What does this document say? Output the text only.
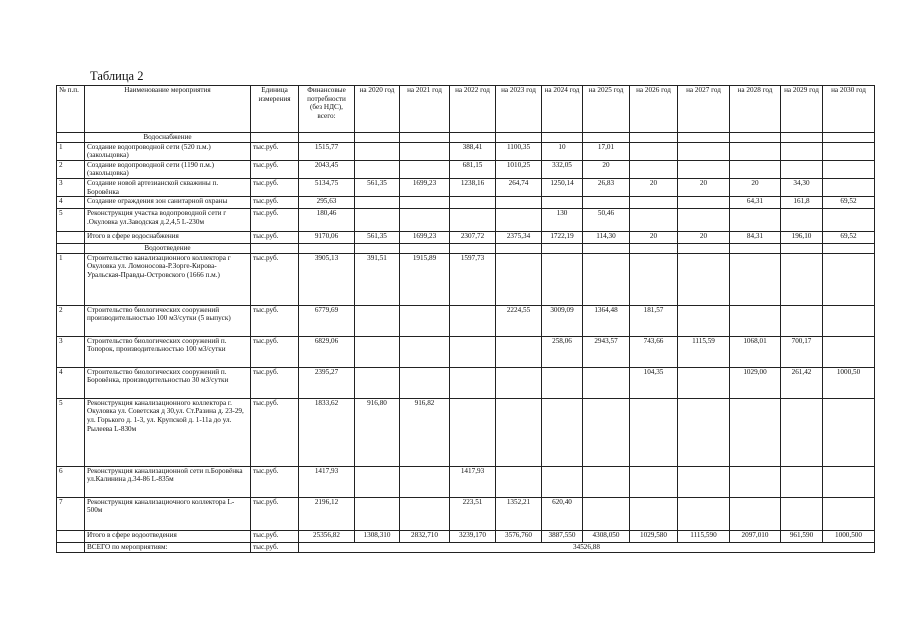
Таблица 2
№ п.п.	Наименование мероприятия	Единица измерения	Финансовые потребности (без НДС), всего:	на 2020 год	на 2021 год	на 2022 год	на 2023 год	на 2024 год	на 2025 год	на 2026 год	на 2027 год	на 2028 год	на 2029 год	на 2030 год
	Водоснабжение													
1	Создание водопроводной сети (520 п.м.) (закольцовка)	тыс.руб.	1515,77			388,41	1100,35	10	17,01					
2	Создание водопроводной сети (1190 п.м.) (закольцовка)	тыс.руб.	2043,45			681,15	1010,25	332,05	20					
3	Создание новой артезианской скважины п. Боровёнка	тыс.руб.	5134,75	561,35	1699,23	1238,16	264,74	1250,14	26,83	20	20	20	34,30	
4	Создание ограждения зон санитарной охраны	тыс.руб.	295,63									64,31	161,8	69,52
5	Реконструкция участка водопроводной сети г .Окуловка ул.Заводская д.2,4,5 L-230м	тыс.руб.	180,46					130	50,46					
	Итого в сфере водоснабжения	тыс.руб.	9170,06	561,35	1699,23	2307,72	2375,34	1722,19	114,30	20	20	84,31	196,10	69,52
	Водоотведение													
1	Строительство канализационного коллектора г Окуловка ул. Ломоносова-Р.Зорге-Кирова-Уральская-Правды-Островского (1666 п.м.)	тыс.руб.	3905,13	391,51	1915,89	1597,73								
2	Строительство биологических сооружений производительностью 100 м3/сутки (5 выпуск)	тыс.руб.	6779,69				2224,55	3009,09	1364,48	181,57				
3	Строительство биологических сооружений п. Топорок, производительностью 100 м3/сутки	тыс.руб.	6829,06					258,06	2943,57	743,66	1115,59	1068,01	700,17	
4	Строительство биологических сооружений п. Боровёнка, производительностью 30 м3/сутки	тыс.руб.	2395,27							104,35		1029,00	261,42	1000,50
5	Реконструкция канализационного коллектора г. Окуловка ул. Советская д 30,ул. Ст.Разина д. 23-29, ул. Горького д. 1-3, ул. Крупской д. 1-11а до ул. Рылеева L-830м	тыс.руб.	1833,62	916,80	916,82									
6	Реконструкция канализационной сети п.Боровёнка ул.Калинина д.34-86 L-835м	тыс.руб.	1417,93			1417,93								
7	Реконструкция канализациочного коллектора L-500м	тыс.руб.	2196,12			223,51	1352,21	620,40						
	Итого в сфере водоотведения	тыс.руб.	25356,82	1308,310	2832,710	3239,170	3576,760	3887,550	4308,050	1029,580	1115,590	2097,010	961,590	1000,500
	ВСЕГО по мероприятиям:	тыс.руб.	34526,88											
